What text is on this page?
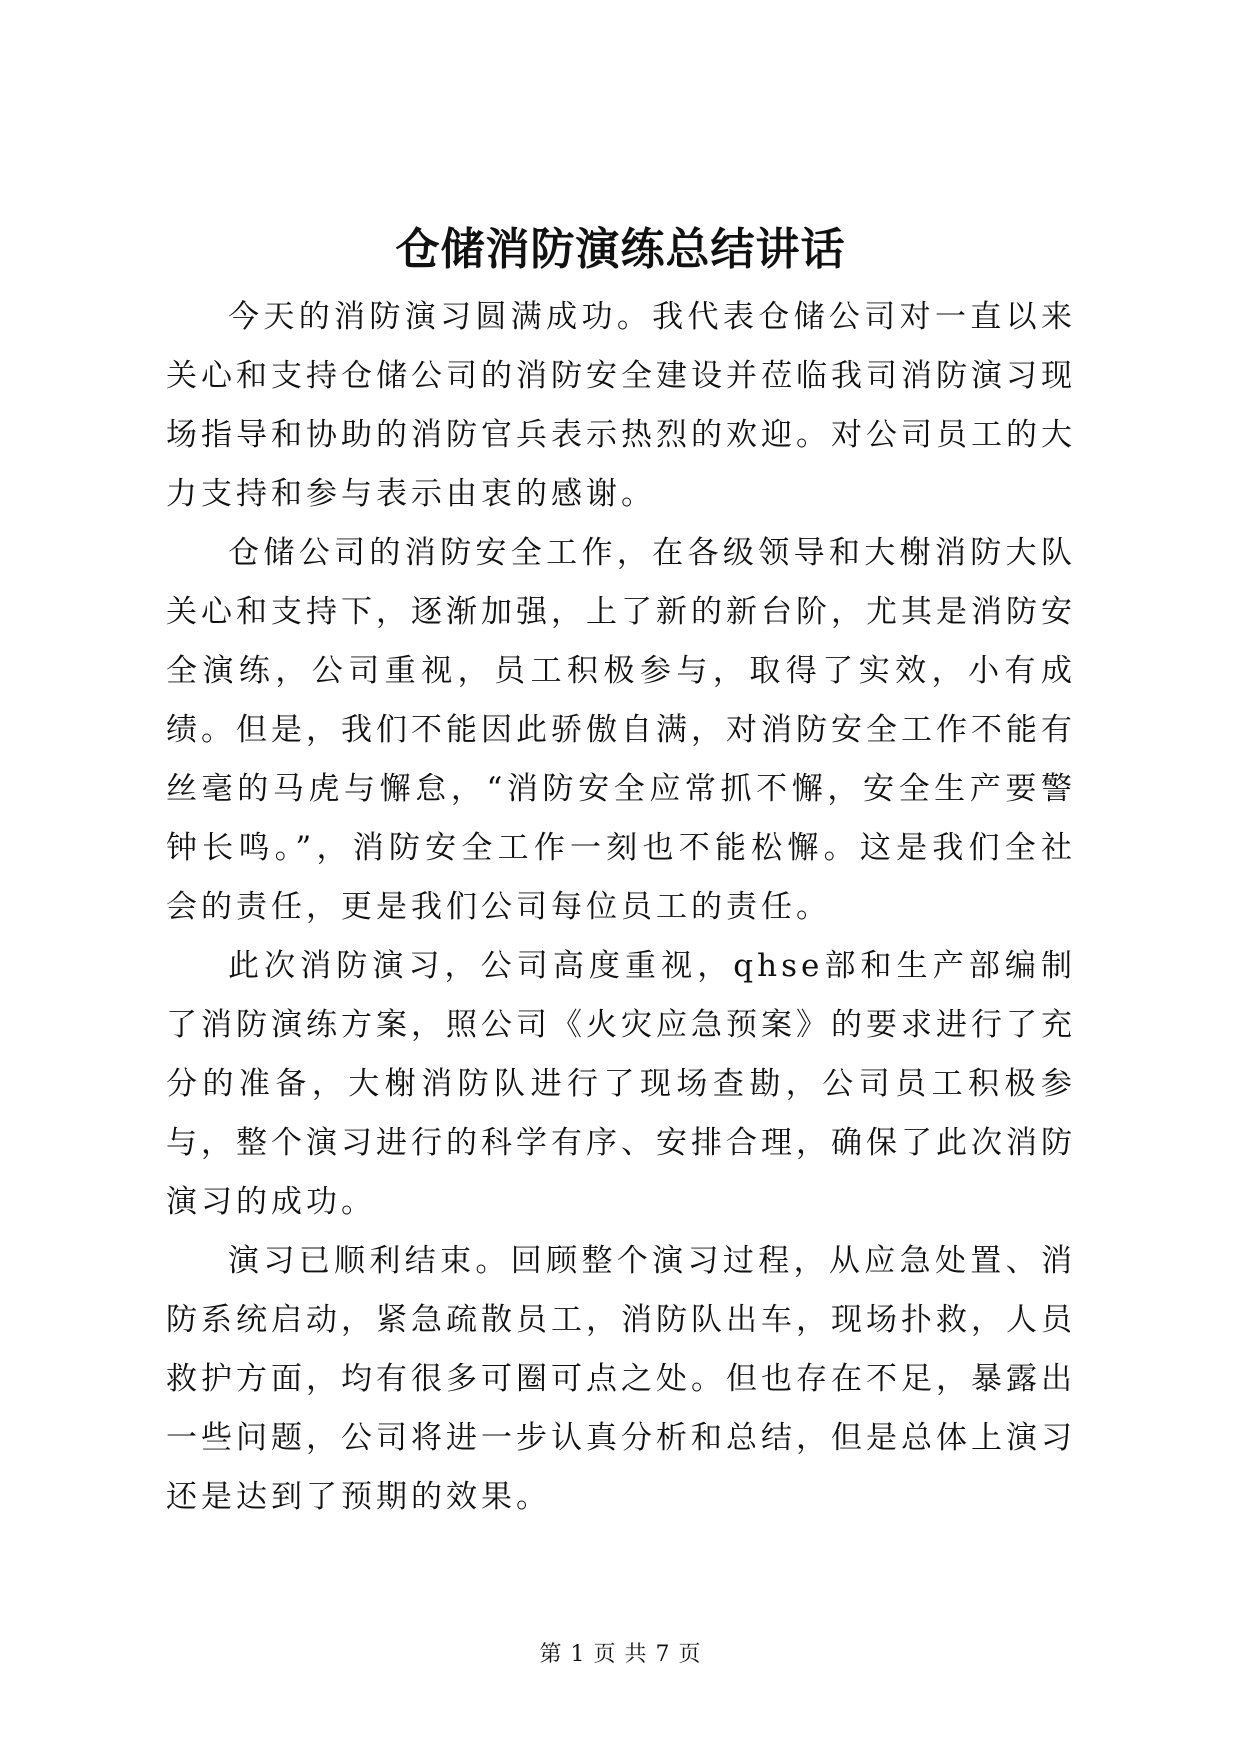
仓储消防演练总结讲话

今天的消防演习圆满成功。我代表仓储公司对一直以来关心和支持仓储公司的消防安全建设并莅临我司消防演习现场指导和协助的消防官兵表示热烈的欢迎。对公司员工的大力支持和参与表示由衷的感谢。

仓储公司的消防安全工作，在各级领导和大榭消防大队关心和支持下，逐渐加强，上了新的新台阶，尤其是消防安全演练，公司重视，员工积极参与，取得了实效，小有成绩。但是，我们不能因此骄傲自满，对消防安全工作不能有丝毫的马虎与懈怠，“消防安全应常抓不懈，安全生产要警钟长鸣。”，消防安全工作一刻也不能松懈。这是我们全社会的责任，更是我们公司每位员工的责任。

此次消防演习，公司高度重视，qhse部和生产部编制了消防演练方案，照公司《火灾应急预案》的要求进行了充分的准备，大榭消防队进行了现场查勘，公司员工积极参与，整个演习进行的科学有序、安排合理，确保了此次消防演习的成功。

演习已顺利结束。回顾整个演习过程，从应急处置、消防系统启动，紧急疏散员工，消防队出车，现场扑救，人员救护方面，均有很多可圈可点之处。但也存在不足，暴露出一些问题，公司将进一步认真分析和总结，但是总体上演习还是达到了预期的效果。

第 1 页 共 7 页
